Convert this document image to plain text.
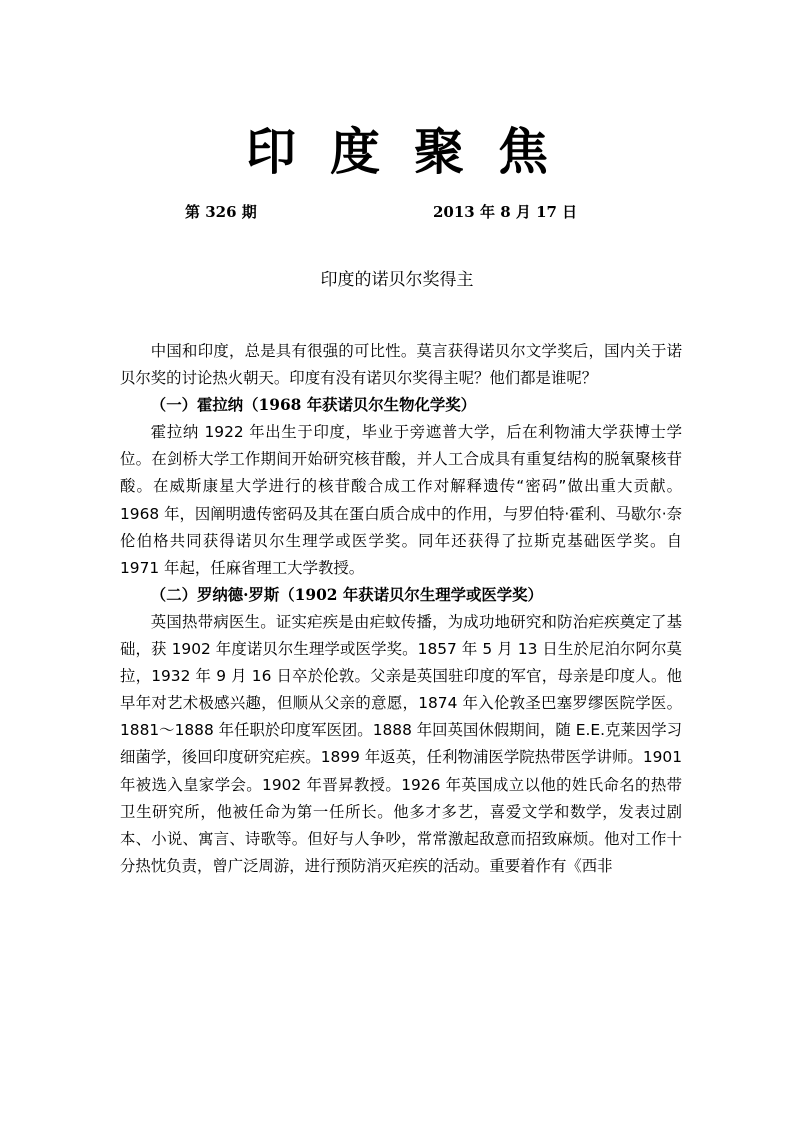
印度聚焦
第 326 期	2013 年 8 月 17 日
印度的诺贝尔奖得主

中国和印度，总是具有很强的可比性。莫言获得诺贝尔文学奖后，国内关于诺贝尔奖的讨论热火朝天。印度有没有诺贝尔奖得主呢？他们都是谁呢？

（一）霍拉纳（1968 年获诺贝尔生物化学奖）

霍拉纳 1922 年出生于印度，毕业于旁遮普大学，后在利物浦大学获博士学位。在剑桥大学工作期间开始研究核苷酸，并人工合成具有重复结构的脱氧聚核苷酸。在威斯康星大学进行的核苷酸合成工作对解释遗传“密码”做出重大贡献。1968 年，因阐明遗传密码及其在蛋白质合成中的作用，与罗伯特·霍利、马歇尔·奈伦伯格共同获得诺贝尔生理学或医学奖。同年还获得了拉斯克基础医学奖。自 1971 年起，任麻省理工大学教授。

（二）罗纳德·罗斯（1902 年获诺贝尔生理学或医学奖）

英国热带病医生。证实疟疾是由疟蚊传播，为成功地研究和防治疟疾奠定了基础，获 1902 年度诺贝尔生理学或医学奖。1857 年 5 月 13 日生於尼泊尔阿尔莫拉，1932 年 9 月 16 日卒於伦敦。父亲是英国驻印度的军官，母亲是印度人。他早年对艺术极感兴趣，但顺从父亲的意愿，1874 年入伦敦圣巴塞罗缪医院学医。1881～1888 年任职於印度军医团。1888 年回英国休假期间，随 E.E.克莱因学习细菌学，後回印度研究疟疾。1899 年返英，任利物浦医学院热带医学讲师。1901 年被选入皇家学会。1902 年晋昇教授。1926 年英国成立以他的姓氏命名的热带卫生研究所，他被任命为第一任所长。他多才多艺，喜爱文学和数学，发表过剧本、小说、寓言、诗歌等。但好与人争吵，常常激起敌意而招致麻烦。他对工作十分热忱负责，曾广泛周游，进行预防消灭疟疾的活动。重要着作有《西非
